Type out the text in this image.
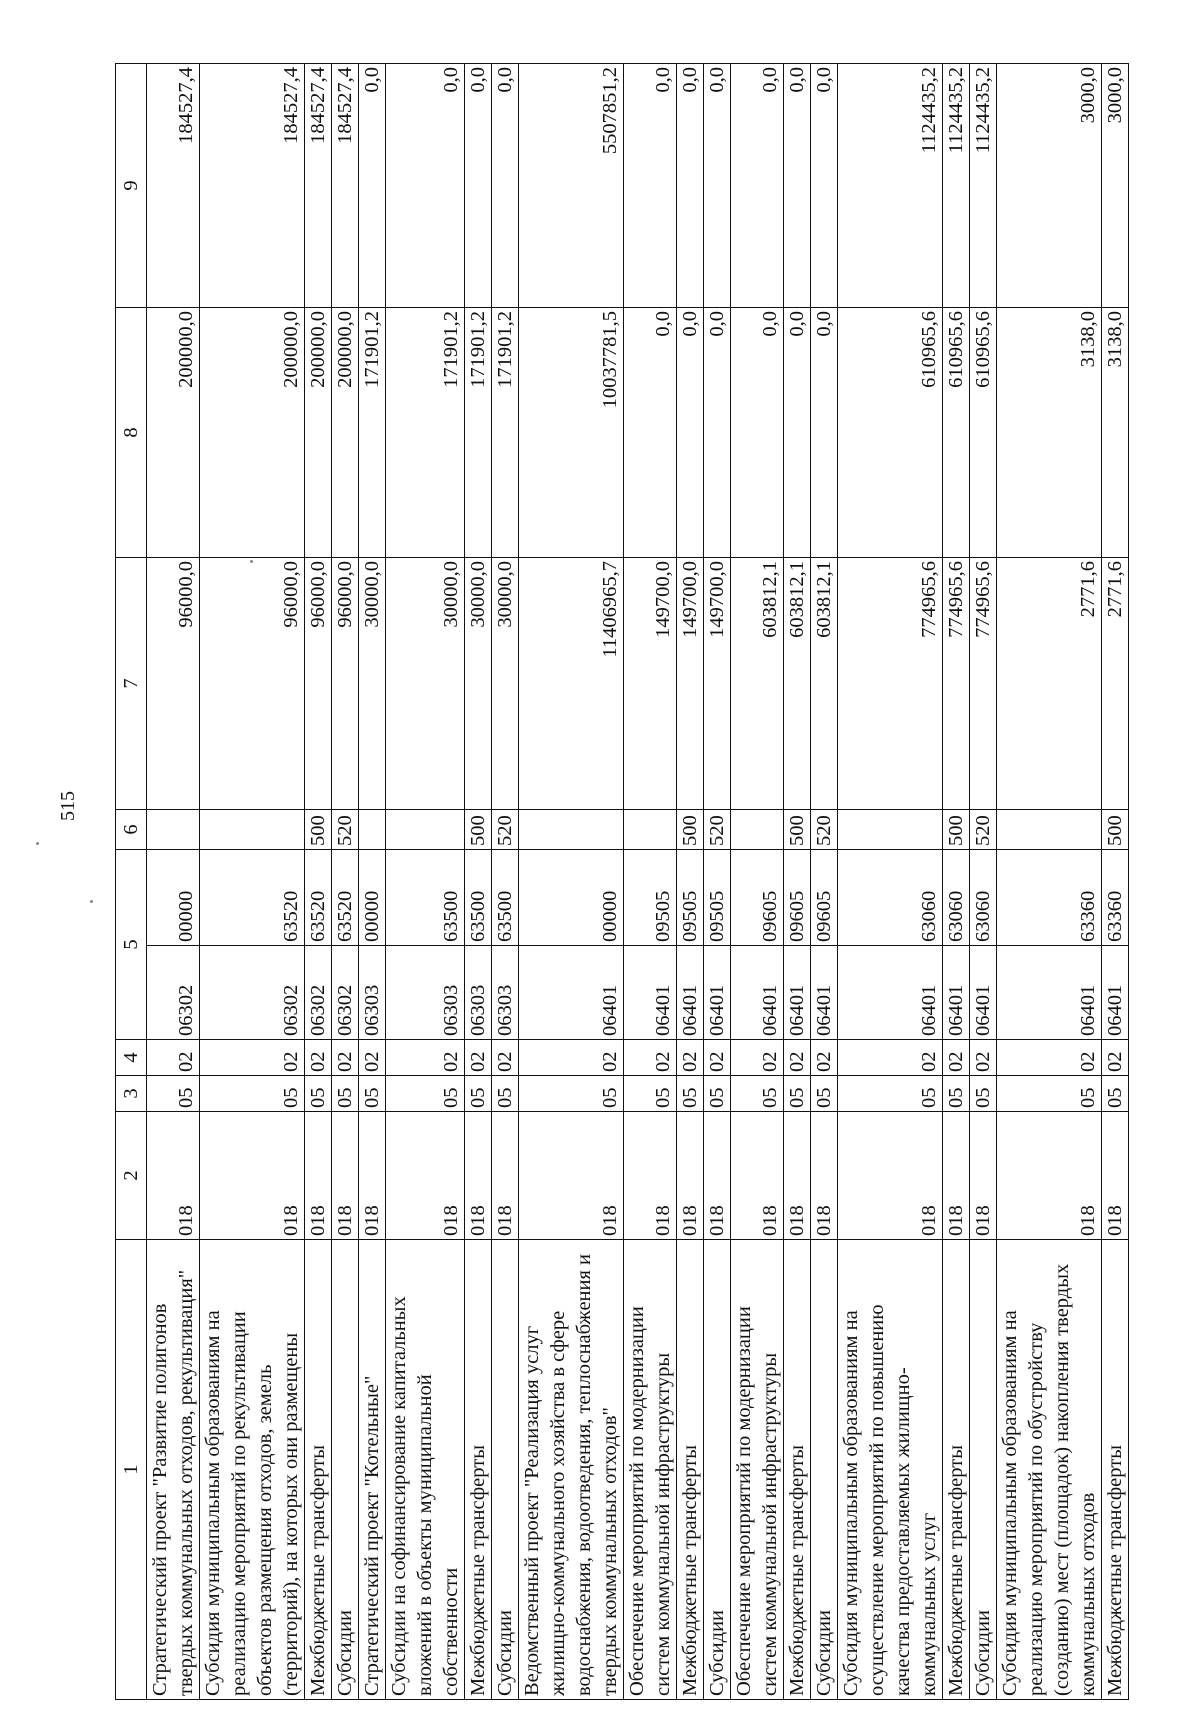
515
1	2	3	4	5		6	7	8	9
Стратегический проект "Развитие полигонов твердых коммунальных отходов, рекультивация"	018	05	02	06302	00000		96000,0	200000,0	184527,4
Субсидия муниципальным образованиям на реализацию мероприятий по рекультивации объектов размещения отходов, земель (территорий), на которых они размещены	018	05	02	06302	63520		96000,0	200000,0	184527,4
Межбюджетные трансферты	018	05	02	06302	63520	500	96000,0	200000,0	184527,4
Субсидии	018	05	02	06302	63520	520	96000,0	200000,0	184527,4
Стратегический проект "Котельные"	018	05	02	06303	00000		30000,0	171901,2	0,0
Субсидии на софинансирование капитальных вложений в объекты муниципальной собственности	018	05	02	06303	63500		30000,0	171901,2	0,0
Межбюджетные трансферты	018	05	02	06303	63500	500	30000,0	171901,2	0,0
Субсидии	018	05	02	06303	63500	520	30000,0	171901,2	0,0
Ведомственный проект "Реализация услуг жилищно-коммунального хозяйства в сфере водоснабжения, водоотведения, теплоснабжения и твердых коммунальных отходов"	018	05	02	06401	00000		11406965,7	10037781,5	5507851,2
Обеспечение мероприятий по модернизации систем коммунальной инфраструктуры	018	05	02	06401	09505		149700,0	0,0	0,0
Межбюджетные трансферты	018	05	02	06401	09505	500	149700,0	0,0	0,0
Субсидии	018	05	02	06401	09505	520	149700,0	0,0	0,0
Обеспечение мероприятий по модернизации систем коммунальной инфраструктуры	018	05	02	06401	09605		603812,1	0,0	0,0
Межбюджетные трансферты	018	05	02	06401	09605	500	603812,1	0,0	0,0
Субсидии	018	05	02	06401	09605	520	603812,1	0,0	0,0
Субсидия муниципальным образованиям на осуществление мероприятий по повышению качества предоставляемых жилищно-коммунальных услуг	018	05	02	06401	63060		774965,6	610965,6	1124435,2
Межбюджетные трансферты	018	05	02	06401	63060	500	774965,6	610965,6	1124435,2
Субсидии	018	05	02	06401	63060	520	774965,6	610965,6	1124435,2
Субсидия муниципальным образованиям на реализацию мероприятий по обустройству (созданию) мест (площадок) накопления твердых коммунальных отходов	018	05	02	06401	63360		2771,6	3138,0	3000,0
Межбюджетные трансферты	018	05	02	06401	63360	500	2771,6	3138,0	3000,0
